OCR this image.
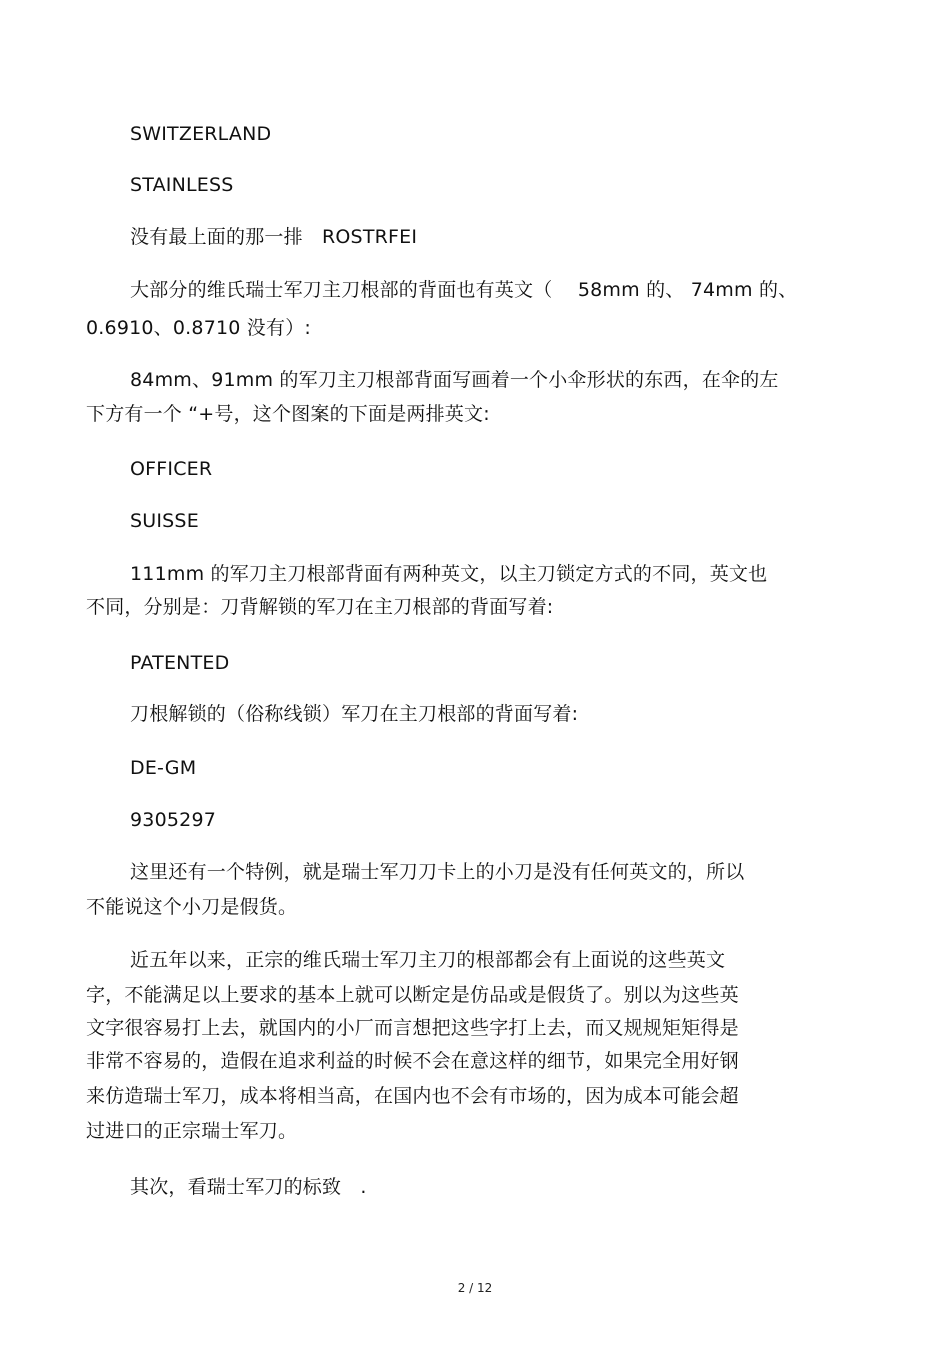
SWITZERLAND
STAINLESS
没有最上面的那一排　ROSTRFEI
大部分的维氏瑞士军刀主刀根部的背面也有英文（　 58mm 的、 74mm 的、
0.6910、0.8710 没有）:
84mm、91mm 的军刀主刀根部背面写画着一个小伞形状的东西，在伞的左
下方有一个 “+号，这个图案的下面是两排英文:
OFFICER
SUISSE
111mm 的军刀主刀根部背面有两种英文，以主刀锁定方式的不同，英文也
不同，分别是：刀背解锁的军刀在主刀根部的背面写着:
PATENTED
刀根解锁的（俗称线锁）军刀在主刀根部的背面写着:
DE-GM
9305297
这里还有一个特例，就是瑞士军刀刀卡上的小刀是没有任何英文的，所以
不能说这个小刀是假货。
近五年以来，正宗的维氏瑞士军刀主刀的根部都会有上面说的这些英文
字，不能满足以上要求的基本上就可以断定是仿品或是假货了。别以为这些英
文字很容易打上去，就国内的小厂而言想把这些字打上去，而又规规矩矩得是
非常不容易的，造假在追求利益的时候不会在意这样的细节，如果完全用好钢
来仿造瑞士军刀，成本将相当高，在国内也不会有市场的，因为成本可能会超
过进口的正宗瑞士军刀。
其次，看瑞士军刀的标致　.
2 / 12
